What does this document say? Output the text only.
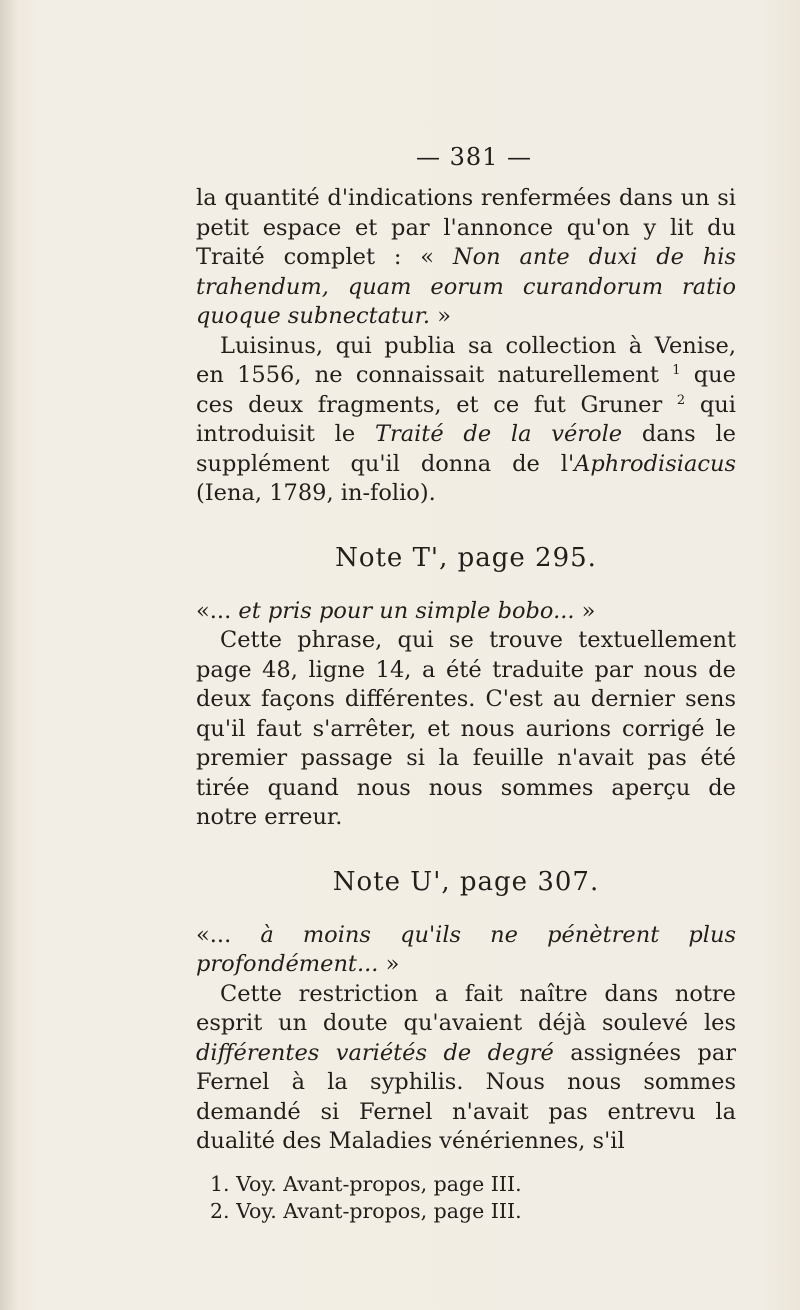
— 381 —

la quantité d'indications renfermées dans un si petit espace et par l'annonce qu'on y lit du Traité complet : « Non ante duxi de his trahendum, quam eorum curandorum ratio quoque subnectatur. »

Luisinus, qui publia sa collection à Venise, en 1556, ne connaissait naturellement $^1$ que ces deux fragments, et ce fut Gruner $^2$ qui introduisit le Traité de la vérole dans le supplément qu'il donna de l'Aphrodisiacus (Iena, 1789, in-folio).

Note T', page 295.

«... et pris pour un simple bobo... »

Cette phrase, qui se trouve textuellement page 48, ligne 14, a été traduite par nous de deux façons différentes. C'est au dernier sens qu'il faut s'arrêter, et nous aurions corrigé le premier passage si la feuille n'avait pas été tirée quand nous nous sommes aperçu de notre erreur.

Note U', page 307.

«... à moins qu'ils ne pénètrent plus profondément... »

Cette restriction a fait naître dans notre esprit un doute qu'avaient déjà soulevé les différentes variétés de degré assignées par Fernel à la syphilis. Nous nous sommes demandé si Fernel n'avait pas entrevu la dualité des Maladies vénériennes, s'il

1. Voy. Avant-propos, page III.

2. Voy. Avant-propos, page III.
